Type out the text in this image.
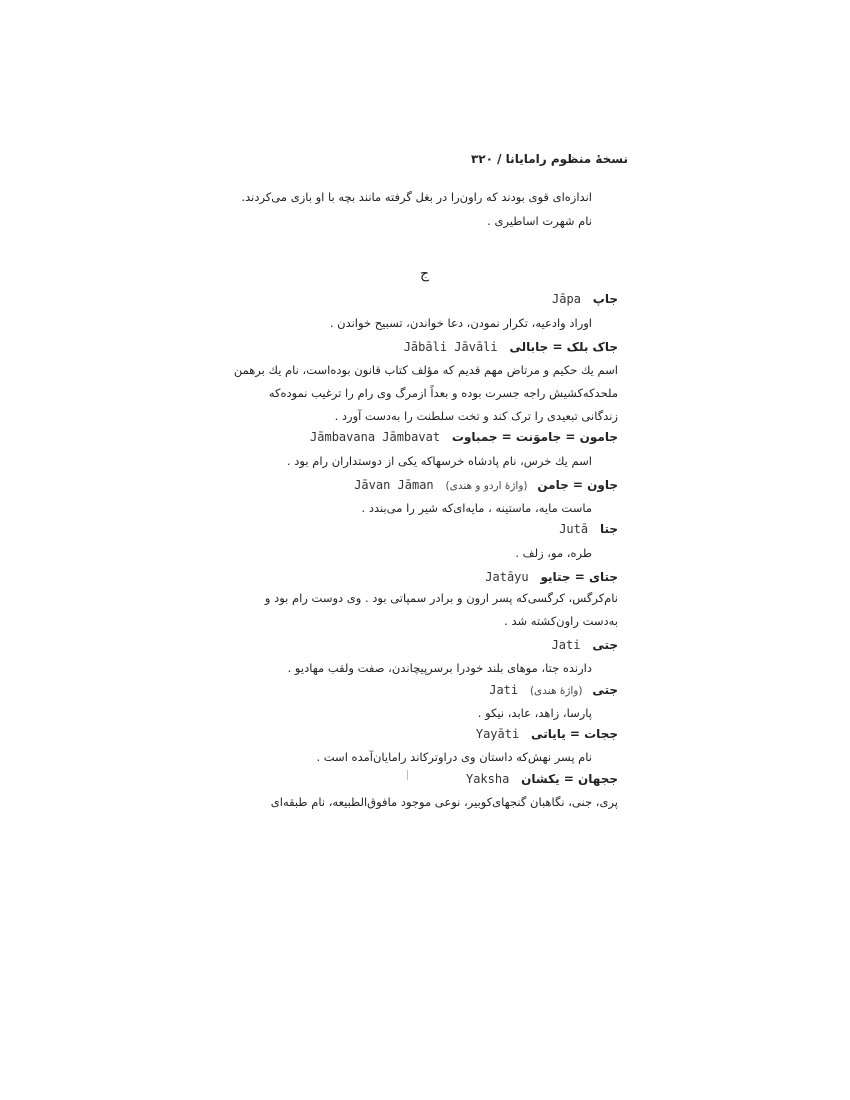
نسخهٔ منظوم رامایانا / ۳۲۰
اندازه‌ای قوی بودند که راون‌را در بغل گرفته مانند بچه با او بازی می‌کردند.
نام شهرت اساطیری .
ج
جاپ Jāpa
اوراد وادعیه، تکرار نمودن، دعا خواندن، تسبیح خواندن .
جاک بلک = جابالی Jābāli Jāvāli
اسم یك حکیم و مرتاض مهم قدیم که مؤلف کتاب قانون بوده‌است، نام یك برهمن
ملحدکه‌کشیش راجه جسرت بوده و بعداً ازمرگ وی رام را ترغیب نموده‌که
زندگانی تبعیدی را ترک کند و تخت سلطنت را به‌دست آورد .
جامون = جاموَنت = جمباوت Jāmbavana Jāmbavat
اسم یك خرس، نام پادشاه خرسها‌که یکی از دوستداران رام بود .
جاون = جامن (واژهٔ اردو و هندی) Jāvan Jāman
ماست مایه، ماستینه ، مایه‌ای‌که شیر را می‌بندد .
جتا Jutā
طره، مو، زلف .
جتای = جتایو Jatāyu
نام‌کرگس، کرگسی‌که پسر ارون و برادر سمپاتی بود . وی دوست رام بود و
به‌دست راون‌کشته شد .
جتی Jati
دارنده جتا، موهای بلند خودرا برسرپیچاندن، صفت ولقب مهادیو .
جتی (واژهٔ هندی) Jati
پارسا، زاهد، عابد، نیکو .
ججات = یایاتی Yayāti
نام پسر نهش‌که داستان وی دراوترکاند رامایان‌آمده است .
ججهان = یکشان Yaksha
پری، جنی، نگاهبان گنجهای‌کوبیر، نوعی موجود مافوق‌الطبیعه، نام طبقه‌ای
